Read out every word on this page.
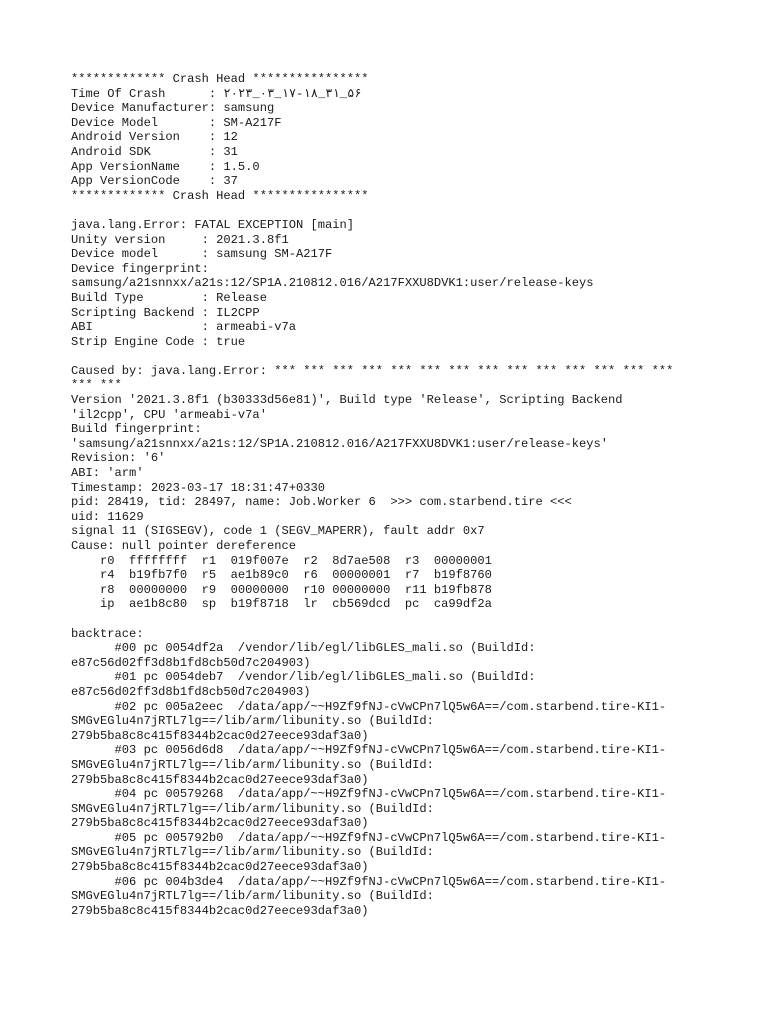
************* Crash Head ****************
Time Of Crash      : ۲۰۲۳_۰۳_۱۷-۱۸_۳۱_۵۶
Device Manufacturer: samsung
Device Model       : SM-A217F
Android Version    : 12
Android SDK        : 31
App VersionName    : 1.5.0
App VersionCode    : 37
************* Crash Head ****************
java.lang.Error: FATAL EXCEPTION [main]
Unity version     : 2021.3.8f1
Device model      : samsung SM-A217F
Device fingerprint:
samsung/a21snnxx/a21s:12/SP1A.210812.016/A217FXXU8DVK1:user/release-keys
Build Type        : Release
Scripting Backend : IL2CPP
ABI               : armeabi-v7a
Strip Engine Code : true
Caused by: java.lang.Error: *** *** *** *** *** *** *** *** *** *** *** *** *** ***
*** ***
Version '2021.3.8f1 (b30333d56e81)', Build type 'Release', Scripting Backend
'il2cpp', CPU 'armeabi-v7a'
Build fingerprint:
'samsung/a21snnxx/a21s:12/SP1A.210812.016/A217FXXU8DVK1:user/release-keys'
Revision: '6'
ABI: 'arm'
Timestamp: 2023-03-17 18:31:47+0330
pid: 28419, tid: 28497, name: Job.Worker 6  >>> com.starbend.tire <<<
uid: 11629
signal 11 (SIGSEGV), code 1 (SEGV_MAPERR), fault addr 0x7
Cause: null pointer dereference
r0  ffffffff  r1  019f007e  r2  8d7ae508  r3  00000001
r4  b19fb7f0  r5  ae1b89c0  r6  00000001  r7  b19f8760
r8  00000000  r9  00000000  r10 00000000  r11 b19fb878
ip  ae1b8c80  sp  b19f8718  lr  cb569dcd  pc  ca99df2a
backtrace:
#00 pc 0054df2a  /vendor/lib/egl/libGLES_mali.so (BuildId:
e87c56d02ff3d8b1fd8cb50d7c204903)
#01 pc 0054deb7  /vendor/lib/egl/libGLES_mali.so (BuildId:
e87c56d02ff3d8b1fd8cb50d7c204903)
#02 pc 005a2eec  /data/app/~~H9Zf9fNJ-cVwCPn7lQ5w6A==/com.starbend.tire-KI1-
SMGvEGlu4n7jRTL7lg==/lib/arm/libunity.so (BuildId:
279b5ba8c8c415f8344b2cac0d27eece93daf3a0)
#03 pc 0056d6d8  /data/app/~~H9Zf9fNJ-cVwCPn7lQ5w6A==/com.starbend.tire-KI1-
SMGvEGlu4n7jRTL7lg==/lib/arm/libunity.so (BuildId:
279b5ba8c8c415f8344b2cac0d27eece93daf3a0)
#04 pc 00579268  /data/app/~~H9Zf9fNJ-cVwCPn7lQ5w6A==/com.starbend.tire-KI1-
SMGvEGlu4n7jRTL7lg==/lib/arm/libunity.so (BuildId:
279b5ba8c8c415f8344b2cac0d27eece93daf3a0)
#05 pc 005792b0  /data/app/~~H9Zf9fNJ-cVwCPn7lQ5w6A==/com.starbend.tire-KI1-
SMGvEGlu4n7jRTL7lg==/lib/arm/libunity.so (BuildId:
279b5ba8c8c415f8344b2cac0d27eece93daf3a0)
#06 pc 004b3de4  /data/app/~~H9Zf9fNJ-cVwCPn7lQ5w6A==/com.starbend.tire-KI1-
SMGvEGlu4n7jRTL7lg==/lib/arm/libunity.so (BuildId:
279b5ba8c8c415f8344b2cac0d27eece93daf3a0)
